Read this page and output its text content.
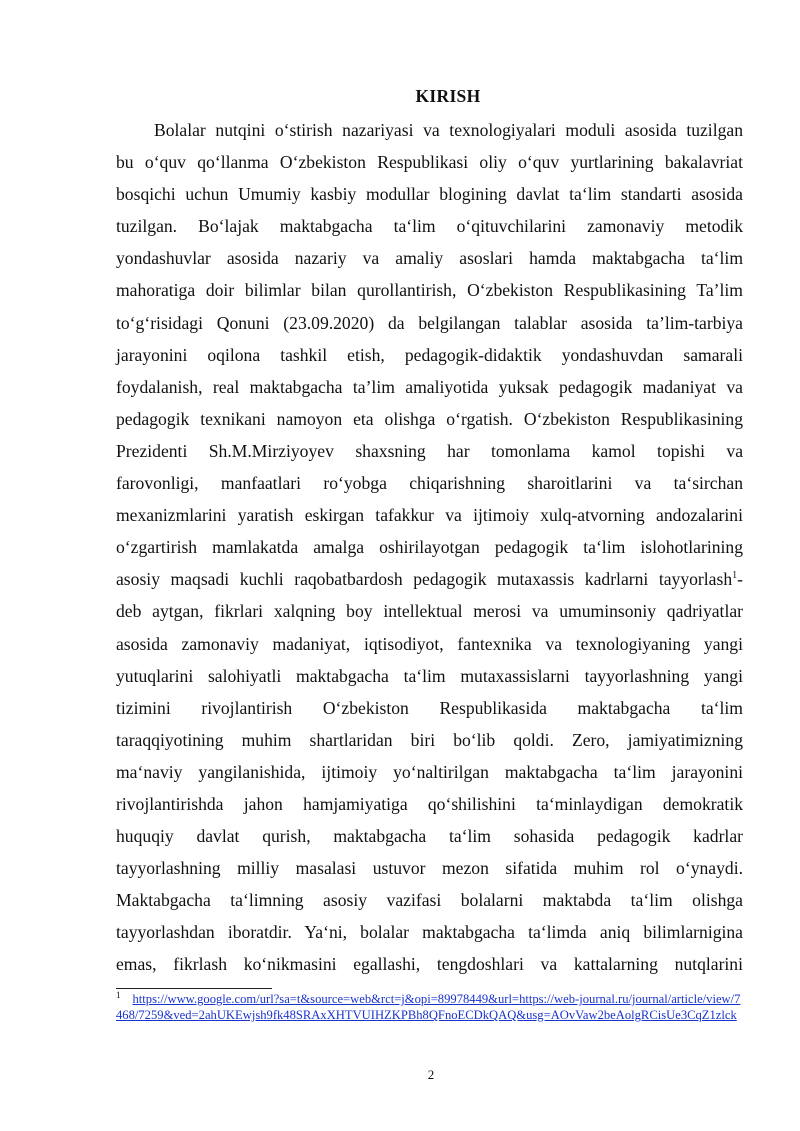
KIRISH
Bolalar nutqini o‘stirish nazariyasi va texnologiyalari moduli asosida tuzilgan
bu o‘quv qo‘llanma O‘zbekiston Respublikasi oliy o‘quv yurtlarining bakalavriat
bosqichi uchun Umumiy kasbiy modullar blogining davlat ta‘lim standarti asosida
tuzilgan. Bo‘lajak maktabgacha ta‘lim o‘qituvchilarini zamonaviy metodik
yondashuvlar asosida nazariy va amaliy asoslari hamda maktabgacha ta‘lim
mahoratiga doir bilimlar bilan qurollantirish, O‘zbekiston Respublikasining Ta’lim
to‘g‘risidagi Qonuni (23.09.2020) da belgilangan talablar asosida ta’lim-tarbiya
jarayonini oqilona tashkil etish, pedagogik-didaktik yondashuvdan samarali
foydalanish, real maktabgacha ta’lim amaliyotida yuksak pedagogik madaniyat va
pedagogik texnikani namoyon eta olishga o‘rgatish. O‘zbekiston Respublikasining
Prezidenti Sh.M.Mirziyoyev shaxsning har tomonlama kamol topishi va
farovonligi, manfaatlari ro‘yobga chiqarishning sharoitlarini va ta‘sirchan
mexanizmlarini yaratish eskirgan tafakkur va ijtimoiy xulq-atvorning andozalarini
o‘zgartirish mamlakatda amalga oshirilayotgan pedagogik ta‘lim islohotlarining
asosiy maqsadi kuchli raqobatbardosh pedagogik mutaxassis kadrlarni tayyorlash$^1$-
deb aytgan, fikrlari xalqning boy intellektual merosi va umuminsoniy qadriyatlar
asosida zamonaviy madaniyat, iqtisodiyot, fantexnika va texnologiyaning yangi
yutuqlarini salohiyatli maktabgacha ta‘lim mutaxassislarni tayyorlashning yangi
tizimini rivojlantirish O‘zbekiston Respublikasida maktabgacha ta‘lim
taraqqiyotining muhim shartlaridan biri bo‘lib qoldi. Zero, jamiyatimizning
ma‘naviy yangilanishida, ijtimoiy yo‘naltirilgan maktabgacha ta‘lim jarayonini
rivojlantirishda jahon hamjamiyatiga qo‘shilishini ta‘minlaydigan demokratik
huquqiy davlat qurish, maktabgacha ta‘lim sohasida pedagogik kadrlar
tayyorlashning milliy masalasi ustuvor mezon sifatida muhim rol o‘ynaydi.
Maktabgacha ta‘limning asosiy vazifasi bolalarni maktabda ta‘lim olishga
tayyorlashdan iboratdir. Ya‘ni, bolalar maktabgacha ta‘limda aniq bilimlarnigina
emas, fikrlash ko‘nikmasini egallashi, tengdoshlari va kattalarning nutqlarini
$^1$ https://www.google.com/url?sa=t&source=web&rct=j&opi=89978449&url=https://web-journal.ru/journal/article/view/7468/7259&ved=2ahUKEwjsh9fk48SRAxXHTVUIHZKPBh8QFnoECDkQAQ&usg=AOvVaw2beAolgRCisUe3CqZ1zlck
2
